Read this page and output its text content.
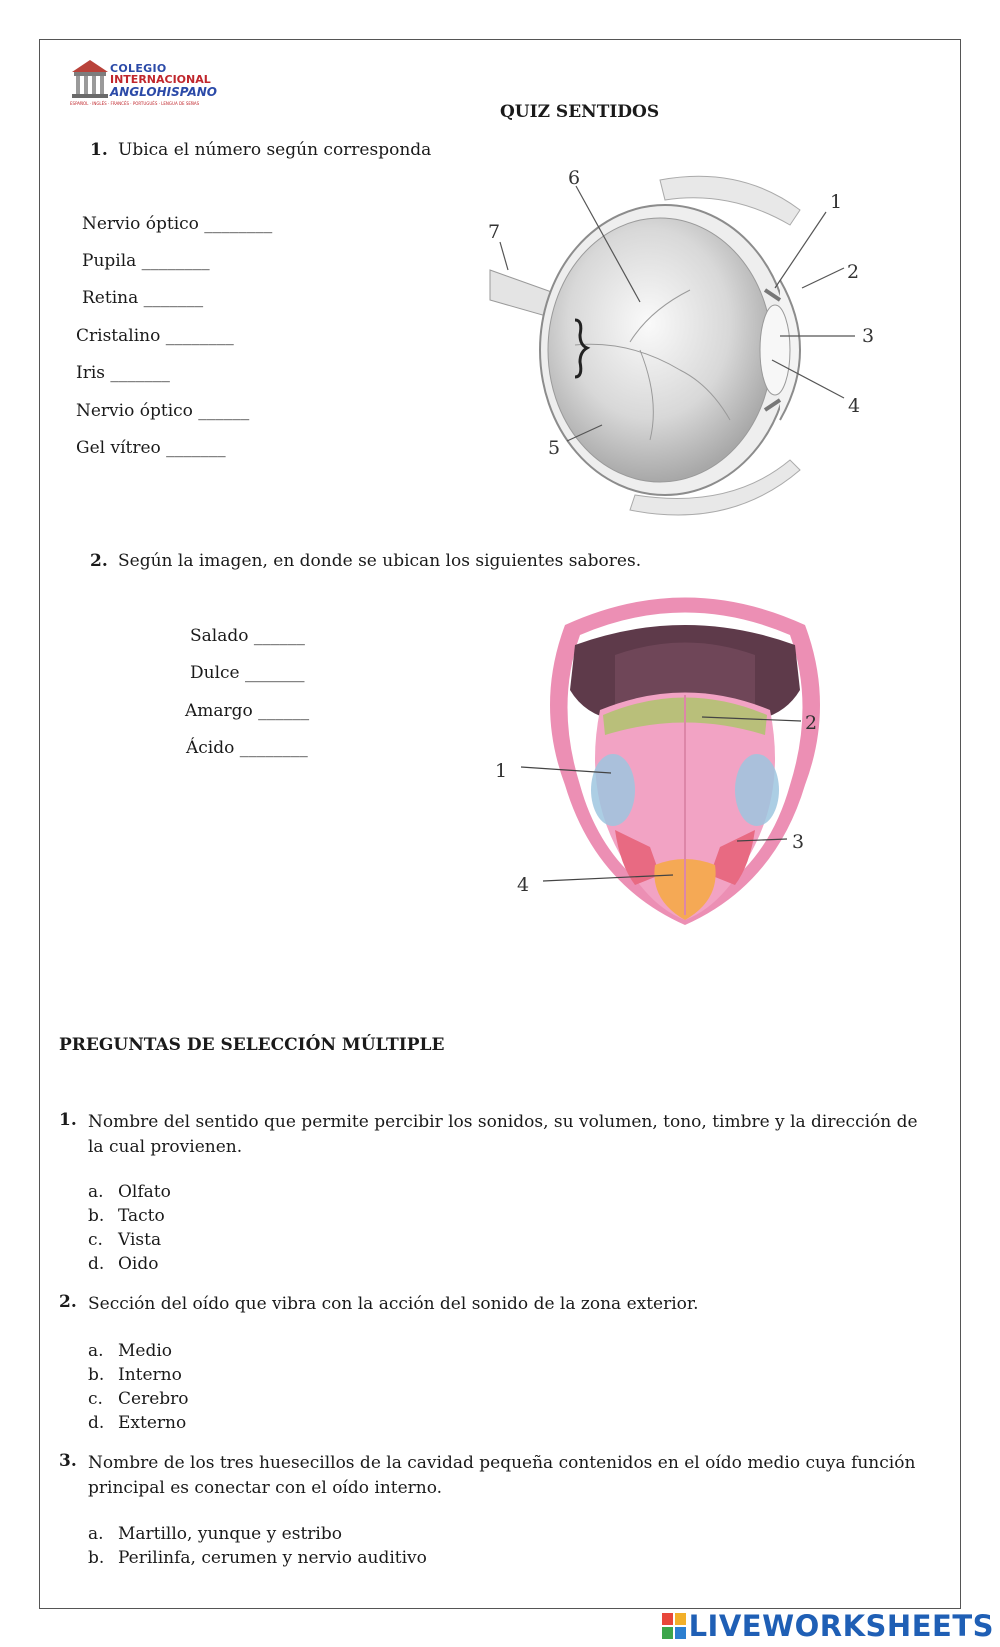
COLEGIO
INTERNACIONAL
ANGLOHISPANO
ESPAÑOL · INGLÉS · FRANCÉS · PORTUGUÉS · LENGUA DE SEÑAS	QUIZ SENTIDOS
1. Ubica el número según corresponda
Nervio óptico ________
Pupila ________
Retina _______
Cristalino ________
Iris _______
Nervio óptico ______
Gel vítreo _______
6
7
1
2
3
4
5
2. Según la imagen, en donde se ubican los siguientes sabores.
Salado ______
Dulce _______
Amargo ______
Ácido ________
1
2
3
4
PREGUNTAS DE SELECCIÓN MÚLTIPLE
1. Nombre del sentido que permite percibir los sonidos, su volumen, tono, timbre y la dirección de la cual provienen.
a. Olfato
b. Tacto
c. Vista
d. Oido
2. Sección del oído que vibra con la acción del sonido de la zona exterior.
a. Medio
b. Interno
c. Cerebro
d. Externo
3. Nombre de los tres huesecillos de la cavidad pequeña contenidos en el oído medio cuya función principal es conectar con el oído interno.
a. Martillo, yunque y estribo
b. Perilinfa, cerumen y nervio auditivo
LIVEWORKSHEETS
